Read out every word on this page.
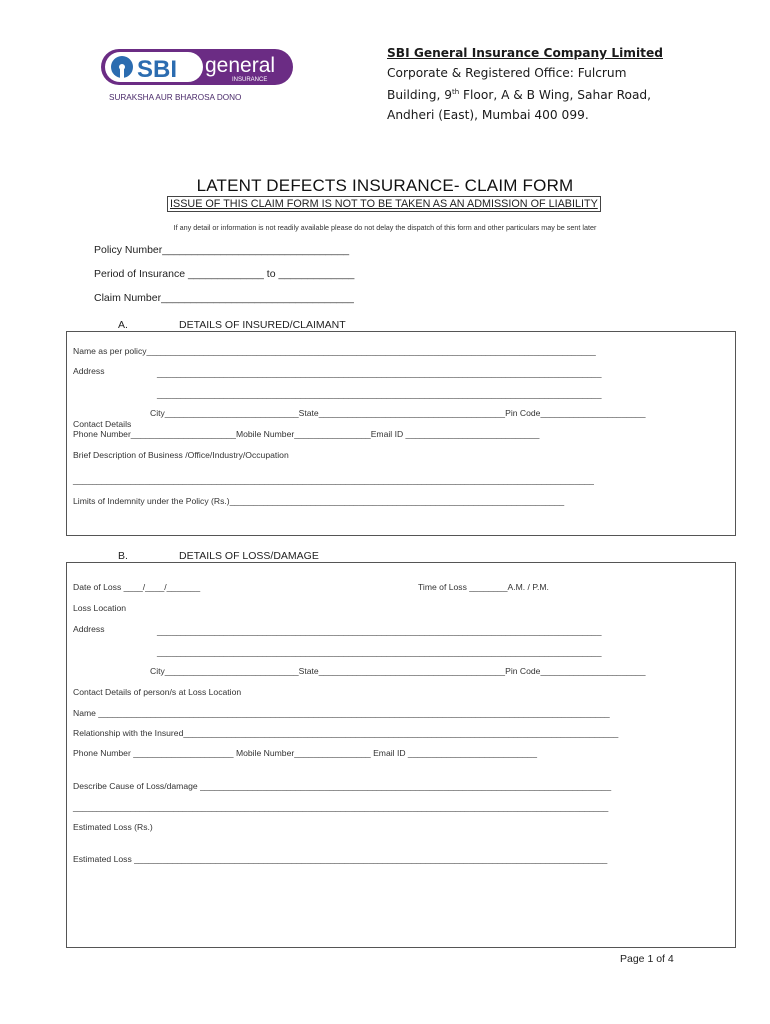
SBI general
INSURANCE
SURAKSHA AUR BHAROSA DONO
SBI General Insurance Company Limited
Corporate & Registered Office: Fulcrum
Building, 9th Floor, A & B Wing, Sahar Road,
Andheri (East), Mumbai 400 099.
LATENT DEFECTS INSURANCE- CLAIM FORM
ISSUE OF THIS CLAIM FORM IS NOT TO BE TAKEN AS AN ADMISSION OF LIABILITY
If any detail or information is not readily available please do not delay the dispatch of this form and other particulars may be sent later
Policy Number________________________________
Period of Insurance _____________ to _____________
Claim Number_________________________________
A.	DETAILS OF INSURED/CLAIMANT
Name as per policy______________________________________________________________________________________________
Address	_____________________________________________________________________________________________
_____________________________________________________________________________________________
City____________________________State_______________________________________Pin Code______________________
Contact Details
Phone Number______________________Mobile Number________________Email ID ____________________________
Brief Description of Business /Office/Industry/Occupation
_____________________________________________________________________________________________________________
Limits of Indemnity under the Policy (Rs.)______________________________________________________________________
B.	DETAILS OF LOSS/DAMAGE
Date of Loss ____/____/_______	Time of Loss ________A.M. / P.M.
Loss Location
Address	_____________________________________________________________________________________________
_____________________________________________________________________________________________
City____________________________State_______________________________________Pin Code______________________
Contact Details of person/s at Loss Location
Name ___________________________________________________________________________________________________________
Relationship with the Insured___________________________________________________________________________________________
Phone Number _____________________ Mobile Number________________ Email ID ___________________________
Describe Cause of Loss/damage ______________________________________________________________________________________
________________________________________________________________________________________________________________
Estimated Loss (Rs.)
Estimated Loss ___________________________________________________________________________________________________
Page 1 of 4
